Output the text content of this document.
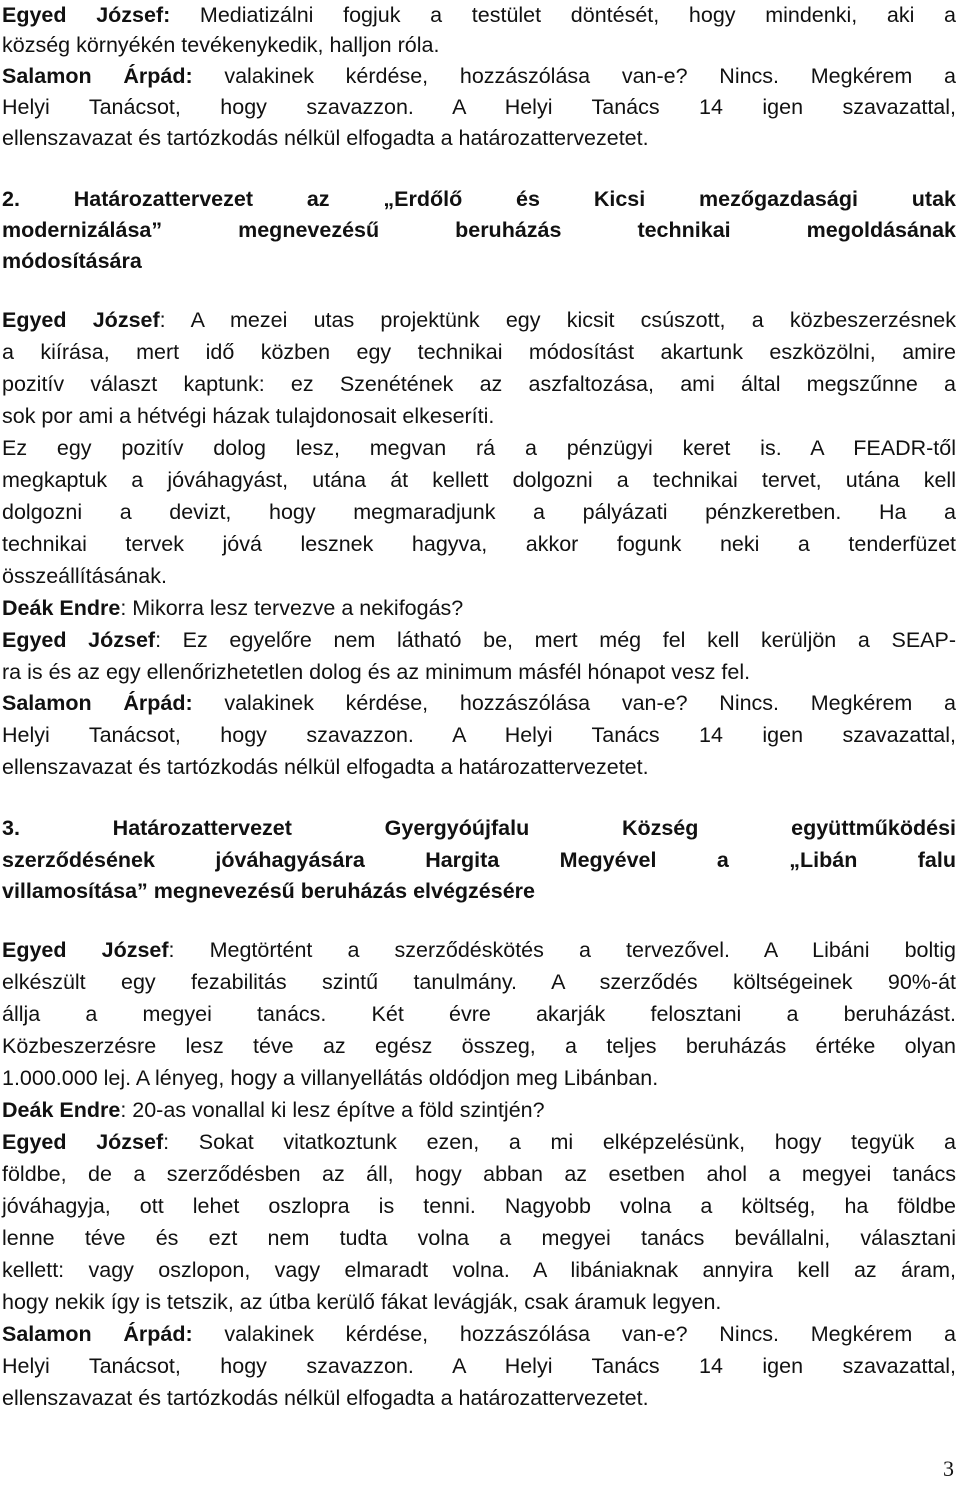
Egyed József: Mediatizálni fogjuk a testület döntését, hogy mindenki, aki a
község környékén tevékenykedik, halljon róla.
Salamon Árpád: valakinek kérdése, hozzászólása van-e? Nincs. Megkérem a
Helyi Tanácsot, hogy szavazzon. A Helyi Tanács 14 igen szavazattal,
ellenszavazat és tartózkodás nélkül elfogadta a határozattervezetet.
2. Határozattervezet az „Erdőlő és Kicsi mezőgazdasági utak
modernizálása” megnevezésű beruházás technikai megoldásának
módosítására
Egyed József: A mezei utas projektünk egy kicsit csúszott, a közbeszerzésnek
a kiírása, mert idő közben egy technikai módosítást akartunk eszközölni, amire
pozitív választ kaptunk: ez Szenétének az aszfaltozása, ami által megszűnne a
sok por ami a hétvégi házak tulajdonosait elkeseríti.
Ez egy pozitív dolog lesz, megvan rá a pénzügyi keret is. A FEADR-től
megkaptuk a jóváhagyást, utána át kellett dolgozni a technikai tervet, utána kell
dolgozni a devizt, hogy megmaradjunk a pályázati pénzkeretben. Ha a
technikai tervek jóvá lesznek hagyva, akkor fogunk neki a tenderfüzet
összeállításának.
Deák Endre: Mikorra lesz tervezve a nekifogás?
Egyed József: Ez egyelőre nem látható be, mert még fel kell kerüljön a SEAP-
ra is és az egy ellenőrizhetetlen dolog és az minimum másfél hónapot vesz fel.
Salamon Árpád: valakinek kérdése, hozzászólása van-e? Nincs. Megkérem a
Helyi Tanácsot, hogy szavazzon. A Helyi Tanács 14 igen szavazattal,
ellenszavazat és tartózkodás nélkül elfogadta a határozattervezetet.
3. Határozattervezet Gyergyóújfalu Község együttműködési
szerződésének jóváhagyására Hargita Megyével a „Libán falu
villamosítása” megnevezésű beruházás elvégzésére
Egyed József: Megtörtént a szerződéskötés a tervezővel. A Libáni boltig
elkészült egy fezabilitás szintű tanulmány. A szerződés költségeinek 90%-át
állja a megyei tanács. Két évre akarják felosztani a beruházást.
Közbeszerzésre lesz téve az egész összeg, a teljes beruházás értéke olyan
1.000.000 lej. A lényeg, hogy a villanyellátás oldódjon meg Libánban.
Deák Endre: 20-as vonallal ki lesz építve a föld szintjén?
Egyed József: Sokat vitatkoztunk ezen, a mi elképzelésünk, hogy tegyük a
földbe, de a szerződésben az áll, hogy abban az esetben ahol a megyei tanács
jóváhagyja, ott lehet oszlopra is tenni. Nagyobb volna a költség, ha földbe
lenne téve és ezt nem tudta volna a megyei tanács bevállalni, választani
kellett: vagy oszlopon, vagy elmaradt volna. A libániaknak annyira kell az áram,
hogy nekik így is tetszik, az útba kerülő fákat levágják, csak áramuk legyen.
Salamon Árpád: valakinek kérdése, hozzászólása van-e? Nincs. Megkérem a
Helyi Tanácsot, hogy szavazzon. A Helyi Tanács 14 igen szavazattal,
ellenszavazat és tartózkodás nélkül elfogadta a határozattervezetet.
3
